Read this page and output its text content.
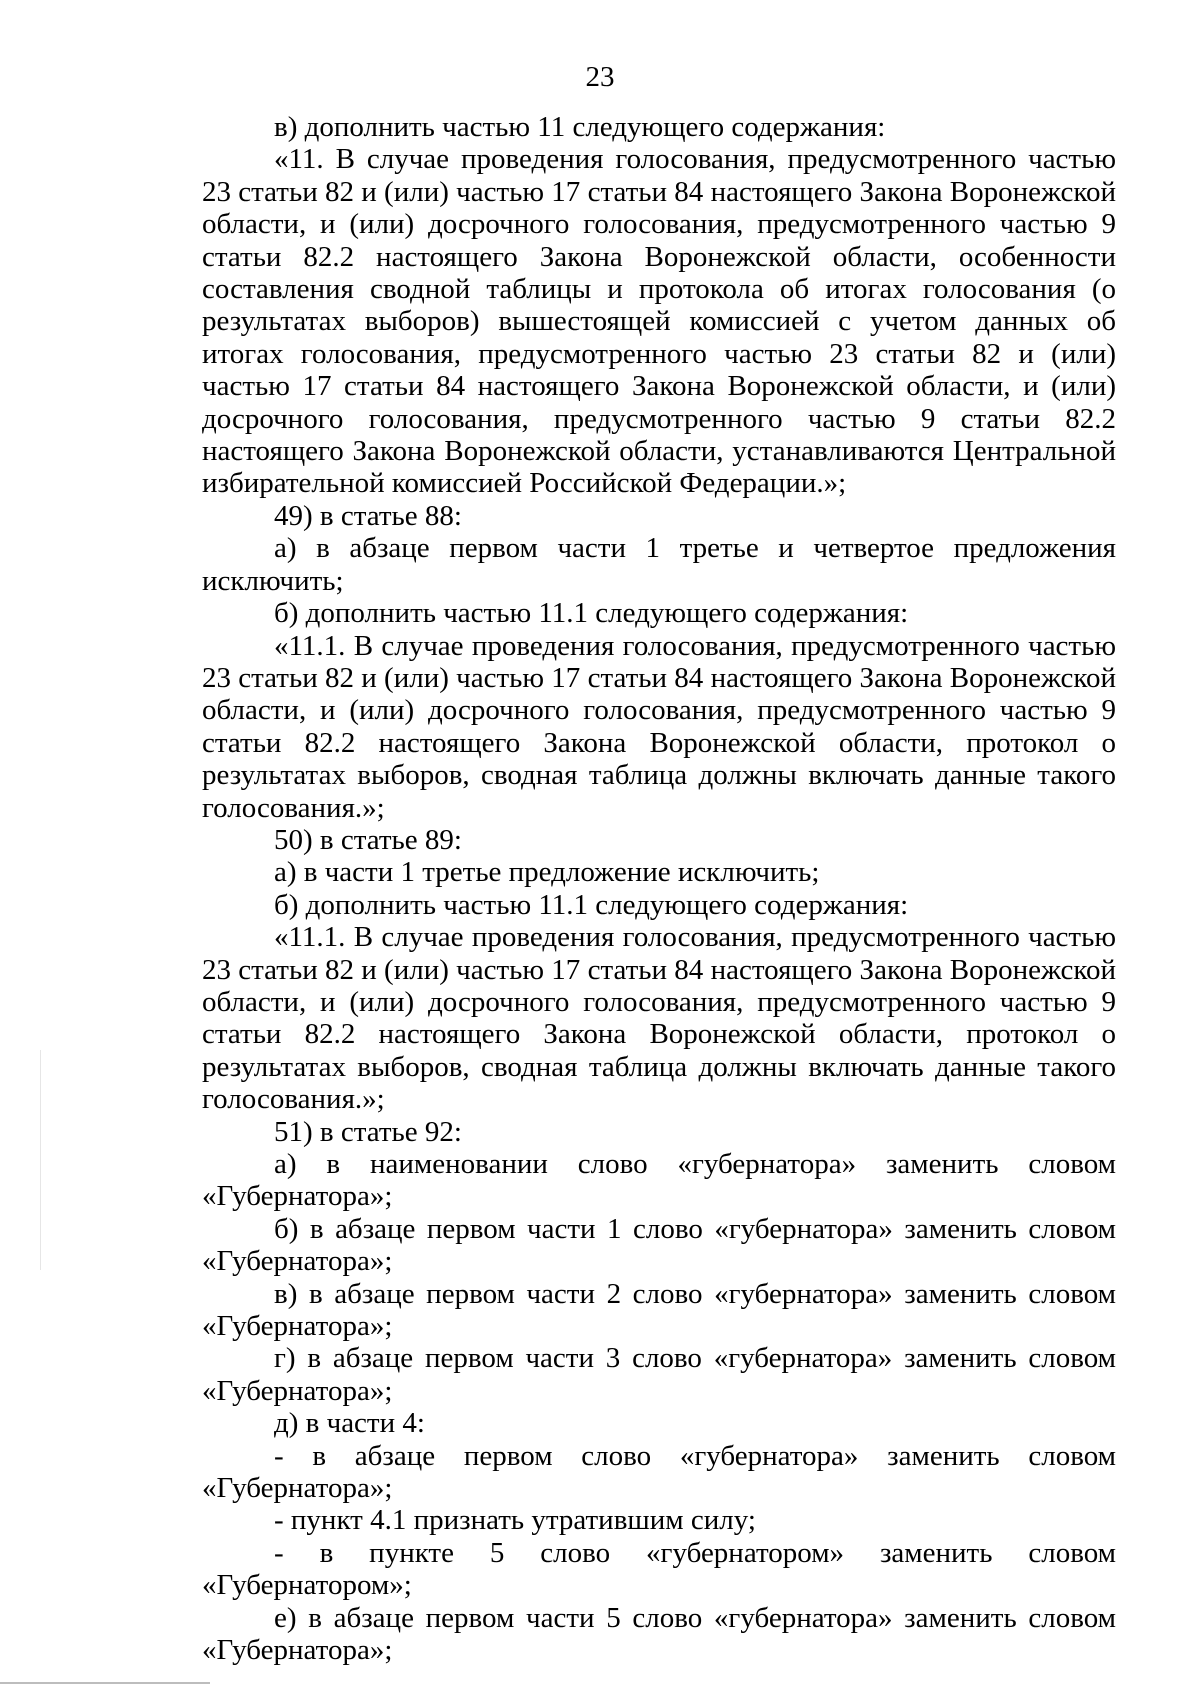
23

в) дополнить частью 11 следующего содержания:

«11. В случае проведения голосования, предусмотренного частью 23 статьи 82 и (или) частью 17 статьи 84 настоящего Закона Воронежской области, и (или) досрочного голосования, предусмотренного частью 9 статьи 82.2 настоящего Закона Воронежской области, особенности составления сводной таблицы и протокола об итогах голосования (о результатах выборов) вышестоящей комиссией с учетом данных об итогах голосования, предусмотренного частью 23 статьи 82 и (или) частью 17 статьи 84 настоящего Закона Воронежской области, и (или) досрочного голосования, предусмотренного частью 9 статьи 82.2 настоящего Закона Воронежской области, устанавливаются Центральной избирательной комиссией Российской Федерации.»;

49) в статье 88:

а) в абзаце первом части 1 третье и четвертое предложения исключить;

б) дополнить частью 11.1 следующего содержания:

«11.1. В случае проведения голосования, предусмотренного частью 23 статьи 82 и (или) частью 17 статьи 84 настоящего Закона Воронежской области, и (или) досрочного голосования, предусмотренного частью 9 статьи 82.2 настоящего Закона Воронежской области, протокол о результатах выборов, сводная таблица должны включать данные такого голосования.»;

50) в статье 89:

а) в части 1 третье предложение исключить;

б) дополнить частью 11.1 следующего содержания:

«11.1. В случае проведения голосования, предусмотренного частью 23 статьи 82 и (или) частью 17 статьи 84 настоящего Закона Воронежской области, и (или) досрочного голосования, предусмотренного частью 9 статьи 82.2 настоящего Закона Воронежской области, протокол о результатах выборов, сводная таблица должны включать данные такого голосования.»;

51) в статье 92:

а) в наименовании слово «губернатора» заменить словом «Губернатора»;

б) в абзаце первом части 1 слово «губернатора» заменить словом «Губернатора»;

в) в абзаце первом части 2 слово «губернатора» заменить словом «Губернатора»;

г) в абзаце первом части 3 слово «губернатора» заменить словом «Губернатора»;

д) в части 4:

- в абзаце первом слово «губернатора» заменить словом «Губернатора»;

- пункт 4.1 признать утратившим силу;

- в пункте 5 слово «губернатором» заменить словом «Губернатором»;

е) в абзаце первом части 5 слово «губернатора» заменить словом «Губернатора»;
